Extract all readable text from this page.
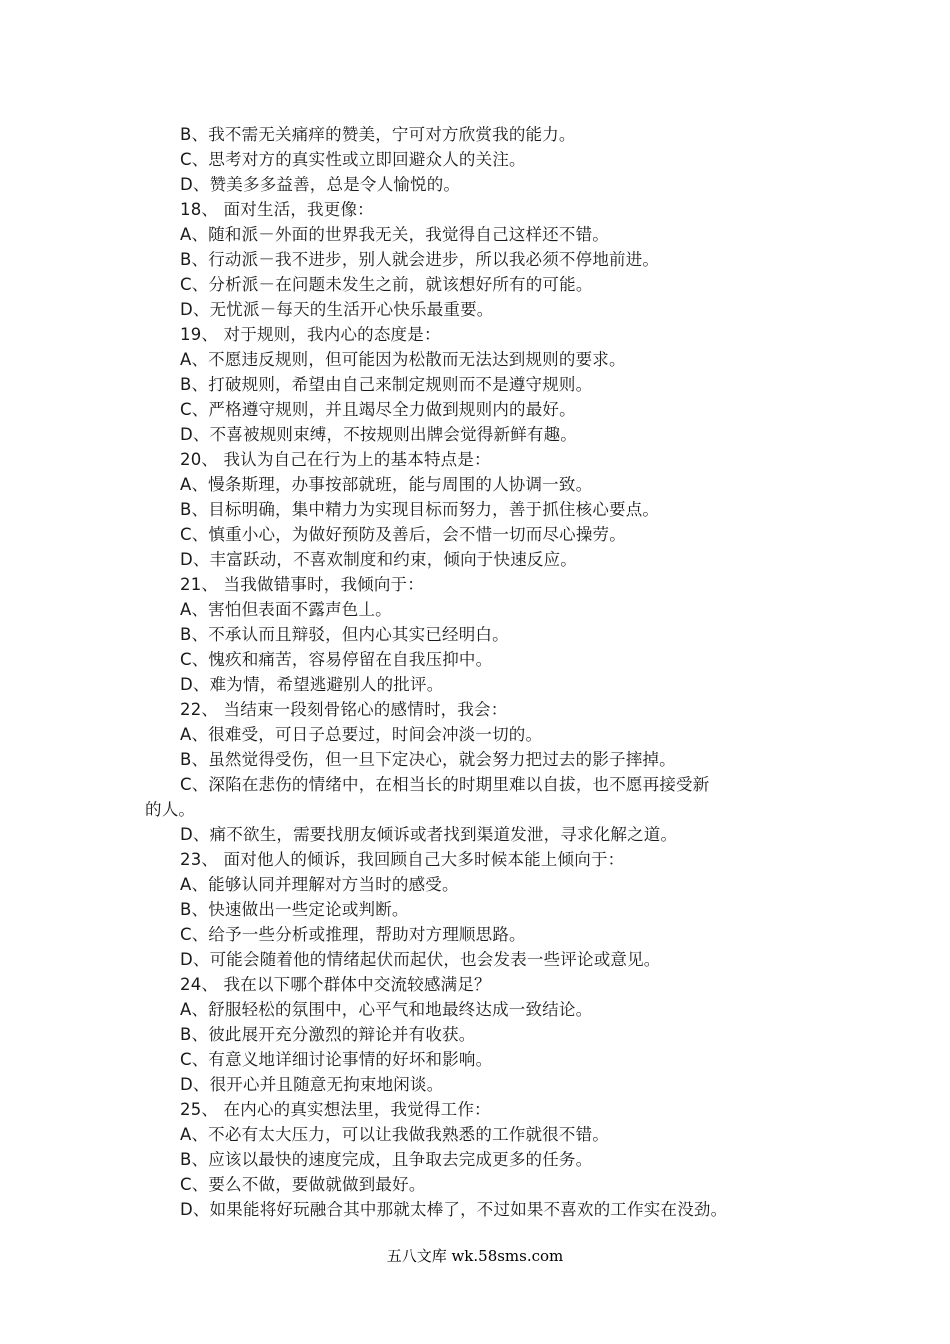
B、我不需无关痛痒的赞美，宁可对方欣赏我的能力。
C、思考对方的真实性或立即回避众人的关注。
D、赞美多多益善，总是令人愉悦的。
18、 面对生活，我更像：
A、随和派－外面的世界我无关，我觉得自己这样还不错。
B、行动派－我不进步，别人就会进步，所以我必须不停地前进。
C、分析派－在问题未发生之前，就该想好所有的可能。
D、无忧派－每天的生活开心快乐最重要。
19、 对于规则，我内心的态度是：
A、不愿违反规则，但可能因为松散而无法达到规则的要求。
B、打破规则，希望由自己来制定规则而不是遵守规则。
C、严格遵守规则，并且竭尽全力做到规则内的最好。
D、不喜被规则束缚，不按规则出牌会觉得新鲜有趣。
20、 我认为自己在行为上的基本特点是：
A、慢条斯理，办事按部就班，能与周围的人协调一致。
B、目标明确，集中精力为实现目标而努力，善于抓住核心要点。
C、慎重小心，为做好预防及善后，会不惜一切而尽心操劳。
D、丰富跃动，不喜欢制度和约束，倾向于快速反应。
21、 当我做错事时，我倾向于：
A、害怕但表面不露声色丄。
B、不承认而且辩驳，但内心其实已经明白。
C、愧疚和痛苦，容易停留在自我压抑中。
D、难为情，希望逃避别人的批评。
22、 当结束一段刻骨铭心的感情时，我会：
A、很难受，可日子总要过，时间会冲淡一切的。
B、虽然觉得受伤，但一旦下定决心，就会努力把过去的影子摔掉。
C、深陷在悲伤的情绪中，在相当长的时期里难以自拔，也不愿再接受新
的人。
D、痛不欲生，需要找朋友倾诉或者找到渠道发泄，寻求化解之道。
23、 面对他人的倾诉，我回顾自己大多时候本能上倾向于：
A、能够认同并理解对方当时的感受。
B、快速做出一些定论或判断。
C、给予一些分析或推理，帮助对方理顺思路。
D、可能会随着他的情绪起伏而起伏，也会发表一些评论或意见。
24、 我在以下哪个群体中交流较感满足？
A、舒服轻松的氛围中，心平气和地最终达成一致结论。
B、彼此展开充分激烈的辩论并有收获。
C、有意义地详细讨论事情的好坏和影响。
D、很开心并且随意无拘束地闲谈。
25、 在内心的真实想法里，我觉得工作：
A、不必有太大压力，可以让我做我熟悉的工作就很不错。
B、应该以最快的速度完成，且争取去完成更多的任务。
C、要么不做，要做就做到最好。
D、如果能将好玩融合其中那就太棒了，不过如果不喜欢的工作实在没劲。
五八文库 wk.58sms.com
